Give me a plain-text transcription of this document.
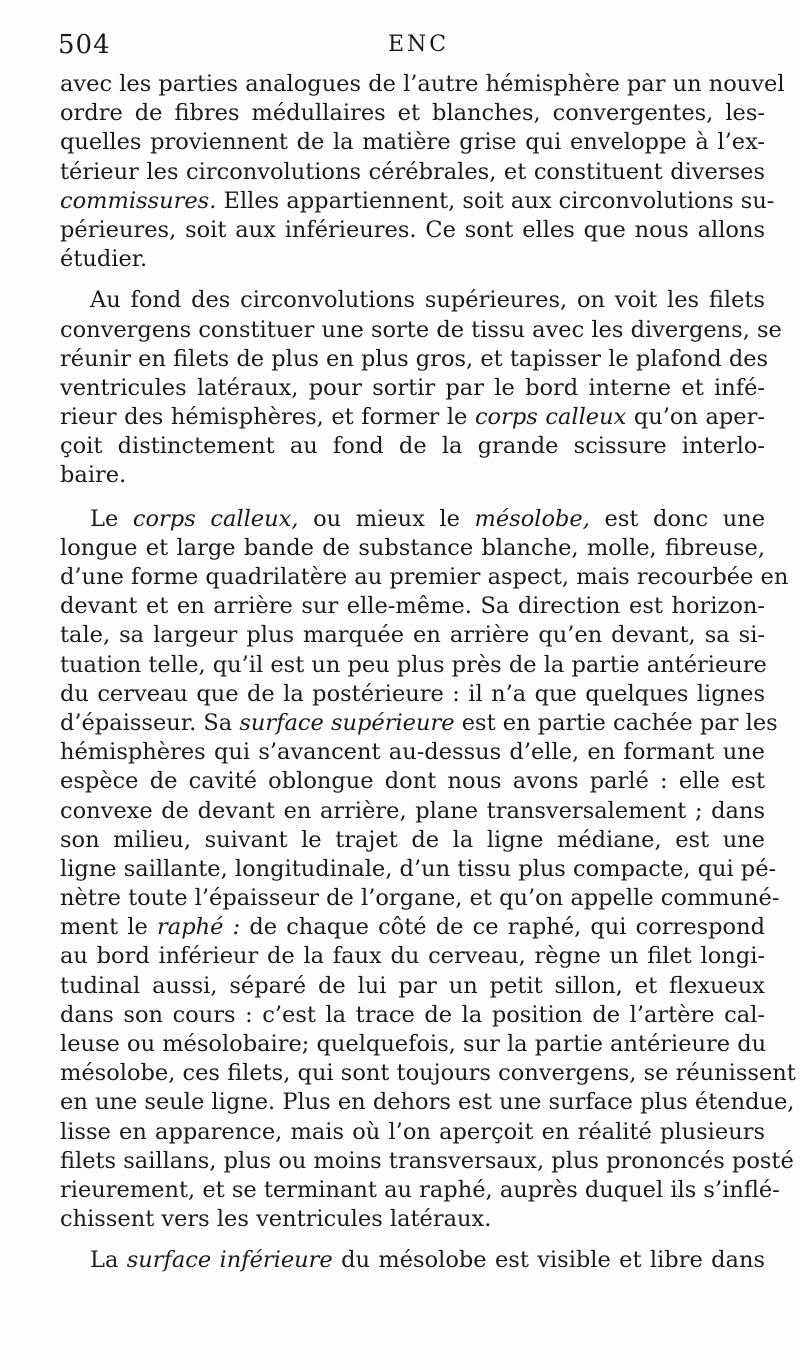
504	ENC
avec les parties analogues de l’autre hémisphère par un nouvel
ordre de fibres médullaires et blanches, convergentes, les-
quelles proviennent de la matière grise qui enveloppe à l’ex-
térieur les circonvolutions cérébrales, et constituent diverses
commissures. Elles appartiennent, soit aux circonvolutions su-
périeures, soit aux inférieures. Ce sont elles que nous allons
étudier.
Au fond des circonvolutions supérieures, on voit les filets
convergens constituer une sorte de tissu avec les divergens, se
réunir en filets de plus en plus gros, et tapisser le plafond des
ventricules latéraux, pour sortir par le bord interne et infé-
rieur des hémisphères, et former le corps calleux qu’on aper-
çoit distinctement au fond de la grande scissure interlo-
baire.
Le corps calleux, ou mieux le mésolobe, est donc une
longue et large bande de substance blanche, molle, fibreuse,
d’une forme quadrilatère au premier aspect, mais recourbée en
devant et en arrière sur elle-même. Sa direction est horizon-
tale, sa largeur plus marquée en arrière qu’en devant, sa si-
tuation telle, qu’il est un peu plus près de la partie antérieure
du cerveau que de la postérieure : il n’a que quelques lignes
d’épaisseur. Sa surface supérieure est en partie cachée par les
hémisphères qui s’avancent au-dessus d’elle, en formant une
espèce de cavité oblongue dont nous avons parlé : elle est
convexe de devant en arrière, plane transversalement ; dans
son milieu, suivant le trajet de la ligne médiane, est une
ligne saillante, longitudinale, d’un tissu plus compacte, qui pé-
nètre toute l’épaisseur de l’organe, et qu’on appelle communé-
ment le raphé : de chaque côté de ce raphé, qui correspond
au bord inférieur de la faux du cerveau, règne un filet longi-
tudinal aussi, séparé de lui par un petit sillon, et flexueux
dans son cours : c’est la trace de la position de l’artère cal-
leuse ou mésolobaire; quelquefois, sur la partie antérieure du
mésolobe, ces filets, qui sont toujours convergens, se réunissent
en une seule ligne. Plus en dehors est une surface plus étendue,
lisse en apparence, mais où l’on aperçoit en réalité plusieurs
filets saillans, plus ou moins transversaux, plus prononcés posté
rieurement, et se terminant au raphé, auprès duquel ils s’inflé-
chissent vers les ventricules latéraux.
La surface inférieure du mésolobe est visible et libre dans
